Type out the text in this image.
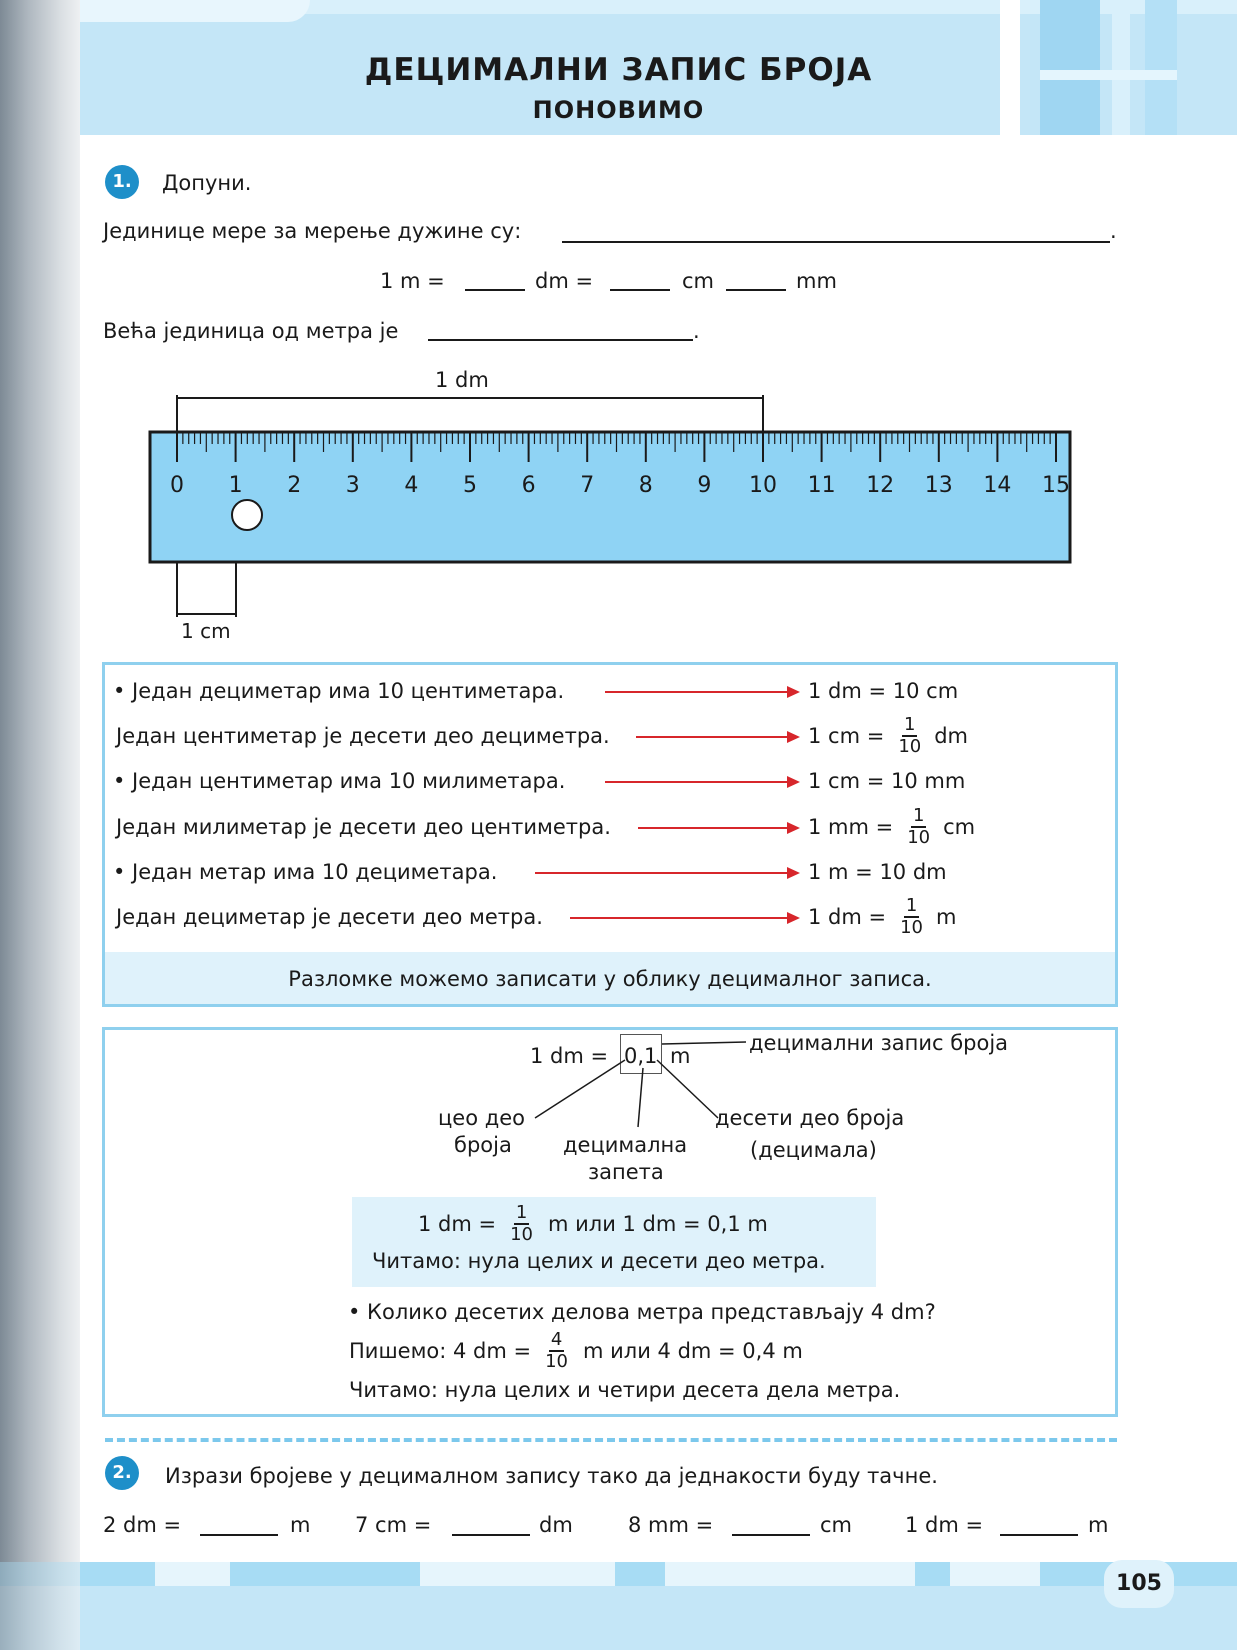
ДЕЦИМАЛНИ ЗАПИС БРОЈА
ПОНОВИМО
1.	Допуни.
Јединице мере за мерење дужине су:	.
1 m =	dm =	cm	mm
Већа јединица од метра је	.
1 dm
0 1 2 3 4 5 6 7 8 9 10 11 12 13 14 15
1 cm
• Један дециметар има 10 центиметара.	1 dm = 10 cm
Један центиметар је десети део дециметра.	1 cm = $\frac{1}{10}$ dm
• Један центиметар има 10 милиметара.	1 cm = 10 mm
Један милиметар је десети део центиметра.	1 mm = $\frac{1}{10}$ cm
• Један метар има 10 дециметара.	1 m = 10 dm
Један дециметар је десети део метра.	1 dm = $\frac{1}{10}$ m
Разломке можемо записати у облику децималног записа.
1 dm = 0,1 m
децимални запис броја
цео део
броја децимална
запета
десети део броја
(децимала)
1 dm = $\frac{1}{10}$ m или 1 dm = 0,1 m
Читамо: нула целих и десети део метра.
• Колико десетих делова метра представљају 4 dm?
Пишемо: 4 dm = $\frac{4}{10}$ m или 4 dm = 0,4 m
Читамо: нула целих и четири десета дела метра.
2.	Изрази бројеве у децималном запису тако да једнакости буду тачне.
2 dm =	m 7 cm =	dm	8 mm =	cm	1 dm =	m
105
